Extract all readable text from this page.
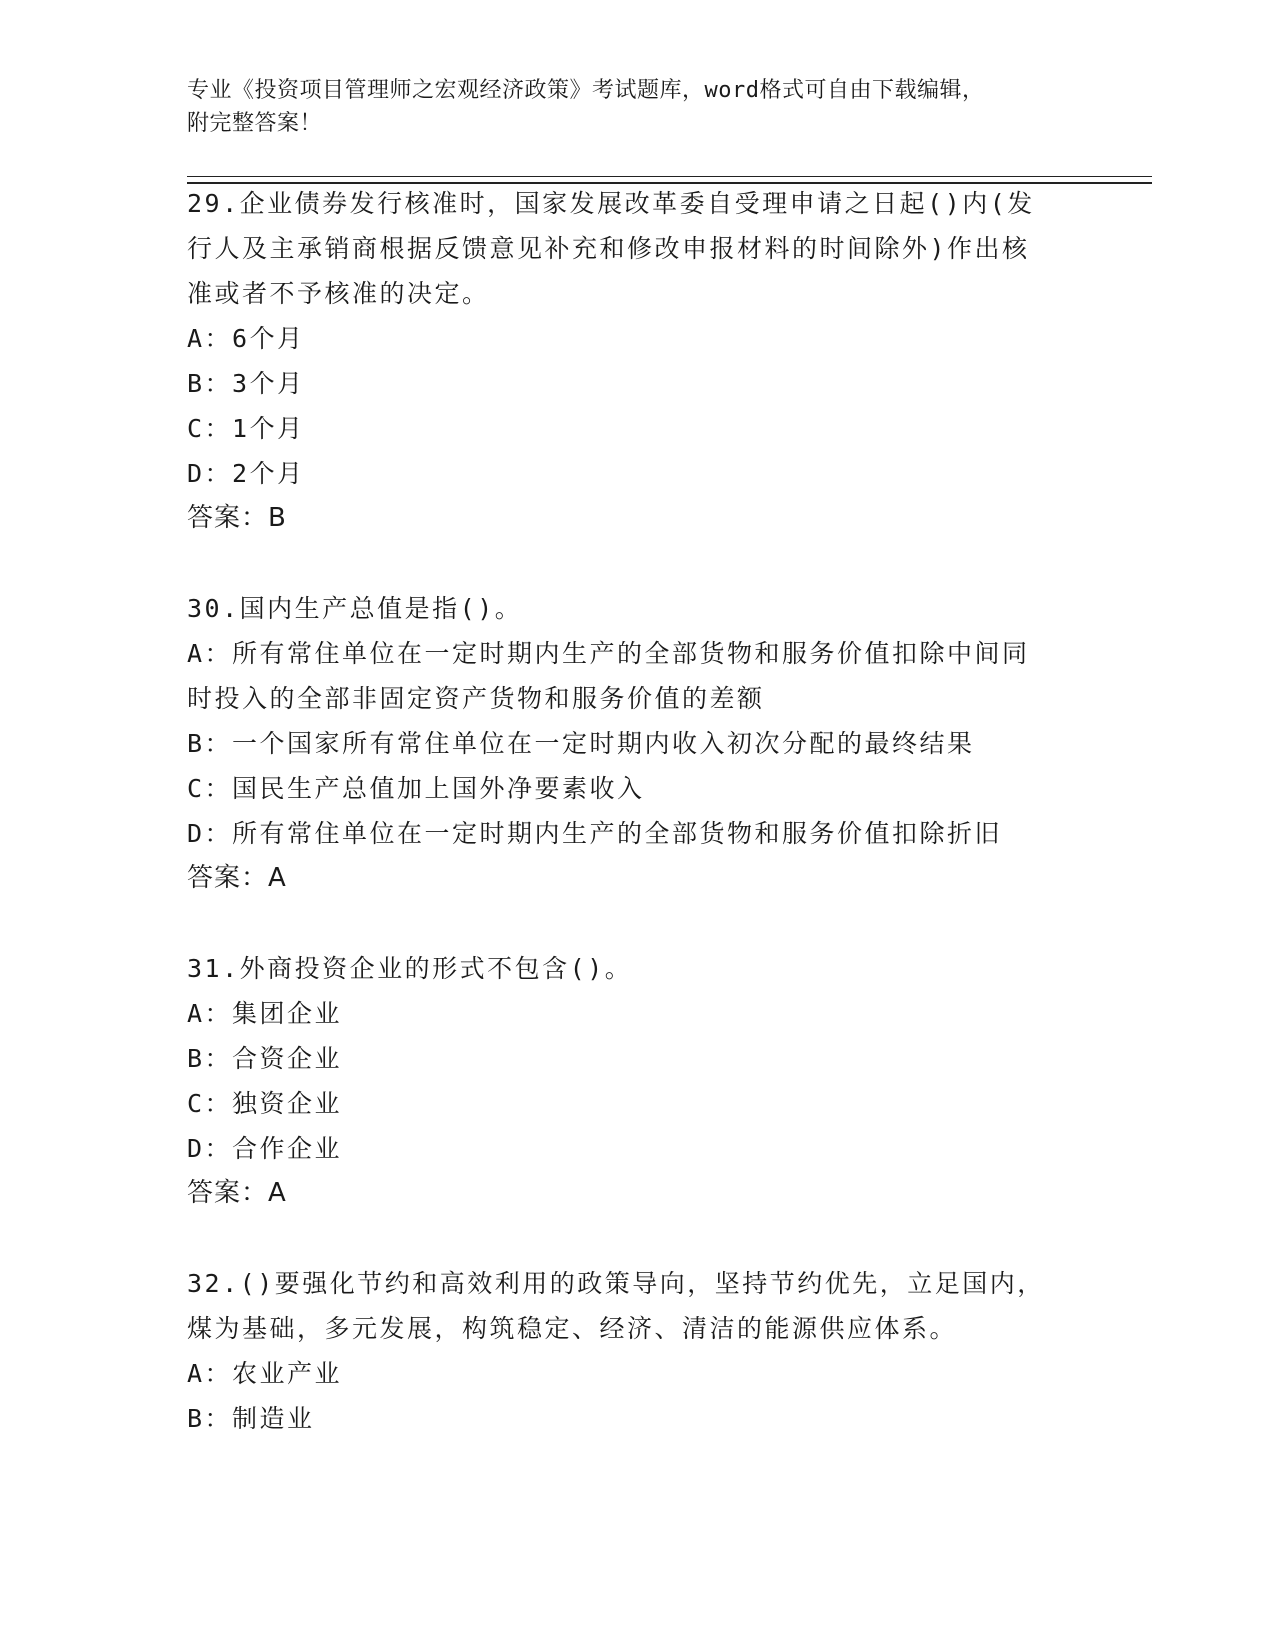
专业《投资项目管理师之宏观经济政策》考试题库，word格式可自由下载编辑，
附完整答案！
29.企业债券发行核准时，国家发展改革委自受理申请之日起()内(发
行人及主承销商根据反馈意见补充和修改申报材料的时间除外)作出核
准或者不予核准的决定。
A：6个月
B：3个月
C：1个月
D：2个月
答案：B
30.国内生产总值是指()。
A：所有常住单位在一定时期内生产的全部货物和服务价值扣除中间同
时投入的全部非固定资产货物和服务价值的差额
B：一个国家所有常住单位在一定时期内收入初次分配的最终结果
C：国民生产总值加上国外净要素收入
D：所有常住单位在一定时期内生产的全部货物和服务价值扣除折旧
答案：A
31.外商投资企业的形式不包含()。
A：集团企业
B：合资企业
C：独资企业
D：合作企业
答案：A
32.()要强化节约和高效利用的政策导向，坚持节约优先，立足国内，
煤为基础，多元发展，构筑稳定、经济、清洁的能源供应体系。
A：农业产业
B：制造业
